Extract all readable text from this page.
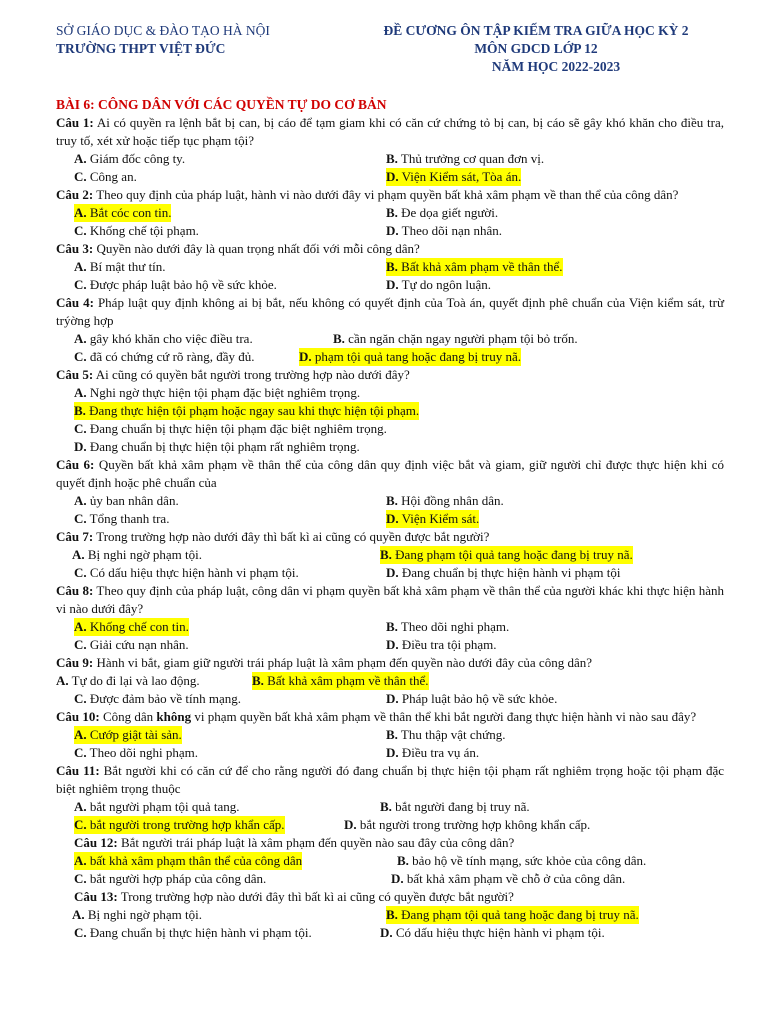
SỞ GIÁO DỤC & ĐÀO TẠO HÀ NỘI
TRƯỜNG THPT VIỆT ĐỨC
ĐỀ CƯƠNG ÔN TẬP KIẾM TRA GIỮA HỌC KỲ 2
MÔN GDCD LỚP 12
NĂM HỌC 2022-2023
BÀI 6: CÔNG DÂN VỚI CÁC QUYỀN TỰ DO CƠ BẢN
Câu 1: Ai có quyền ra lệnh bắt bị can, bị cáo để tạm giam khi có căn cứ chứng tỏ bị can, bị cáo sẽ gây khó khăn cho điều tra, truy tố, xét xử hoặc tiếp tục phạm tội?
A. Giám đốc công ty.	B. Thủ trưởng cơ quan đơn vị.
C. Công an.	D. Viện Kiểm sát, Tòa án.
Câu 2: Theo quy định của pháp luật, hành vi nào dưới đây vi phạm quyền bất khả xâm phạm về than thể của công dân?
A. Bắt cóc con tin.	B. Đe dọa giết người.
C. Khống chế tội phạm.	D. Theo dõi nạn nhân.
Câu 3: Quyền nào dưới đây là quan trọng nhất đối với mỗi công dân?
A. Bí mật thư tín.	B. Bất khả xâm phạm về thân thể.
C. Được pháp luật bảo hộ về sức khỏe.	D. Tự do ngôn luận.
Câu 4: Pháp luật quy định không ai bị bắt, nếu không có quyết định của Toà án, quyết định phê chuẩn của Viện kiểm sát, trừ trýờng hợp
A. gây khó khăn cho việc điều tra.	B. cần ngăn chặn ngay người phạm tội bỏ trốn.
C. đã có chứng cứ rõ ràng, đầy đủ.	D. phạm tội quả tang hoặc đang bị truy nã.
Câu 5: Ai cũng có quyền bắt người trong trường hợp nào dưới đây?
A. Nghi ngờ thực hiện tội phạm đặc biệt nghiêm trọng.
B. Đang thực hiện tội phạm hoặc ngay sau khi thực hiện tội phạm.
C. Đang chuẩn bị thực hiện tội phạm đặc biệt nghiêm trọng.
D. Đang chuẩn bị thực hiện tội phạm rất nghiêm trọng.
Câu 6: Quyền bất khả xâm phạm về thân thể của công dân quy định việc bắt và giam, giữ người chỉ được thực hiện khi có quyết định hoặc phê chuẩn của
A. ủy ban nhân dân.	B. Hội đồng nhân dân.
C. Tổng thanh tra.	D. Viện Kiểm sát.
Câu 7: Trong trường hợp nào dưới đây thì bất kì ai cũng có quyền được bắt người?
A. Bị nghi ngờ phạm tội.	B. Đang phạm tội quả tang hoặc đang bị truy nã.
C. Có dấu hiệu thực hiện hành vi phạm tội.	D. Đang chuẩn bị thực hiện hành vi phạm tội
Câu 8: Theo quy định của pháp luật, công dân vi phạm quyền bất khả xâm phạm về thân thể của người khác khi thực hiện hành vi nào dưới đây?
A. Khống chế con tin.	B. Theo dõi nghi phạm.
C. Giải cứu nạn nhân.	D. Điều tra tội phạm.
Câu 9: Hành vi bắt, giam giữ người trái pháp luật là xâm phạm đến quyền nào dưới đây của công dân?
A. Tự do đi lại và lao động.	B. Bất khả xâm phạm về thân thể.
C. Được đảm bảo về tính mạng.	D. Pháp luật bảo hộ về sức khỏe.
Câu 10: Công dân không vi phạm quyền bất khả xâm phạm về thân thể khi bắt người đang thực hiện hành vi nào sau đây?
A. Cướp giật tài sản.	B. Thu thập vật chứng.
C. Theo dõi nghi phạm.	D. Điều tra vụ án.
Câu 11: Bắt người khi có căn cứ để cho rằng người đó đang chuẩn bị thực hiện tội phạm rất nghiêm trọng hoặc tội phạm đặc biệt nghiêm trọng thuộc
A. bắt người phạm tội quả tang.	B. bắt người đang bị truy nã.
C. bắt người trong trường hợp khẩn cấp.	D. bắt người trong trường hợp không khẩn cấp.
Câu 12: Bắt người trái pháp luật là xâm phạm đến quyền nào sau đây của công dân?
A. bất khả xâm phạm thân thể của công dân	B. bảo hộ về tính mạng, sức khỏe của công dân.
C. bắt người hợp pháp của công dân.	D. bất khả xâm phạm về chỗ ở của công dân.
Câu 13: Trong trường hợp nào dưới đây thì bất kì ai cũng có quyền được bắt người?
A. Bị nghi ngờ phạm tội.	B. Đang phạm tội quả tang hoặc đang bị truy nã.
C. Đang chuẩn bị thực hiện hành vi phạm tội.	D. Có dấu hiệu thực hiện hành vi phạm tội.
